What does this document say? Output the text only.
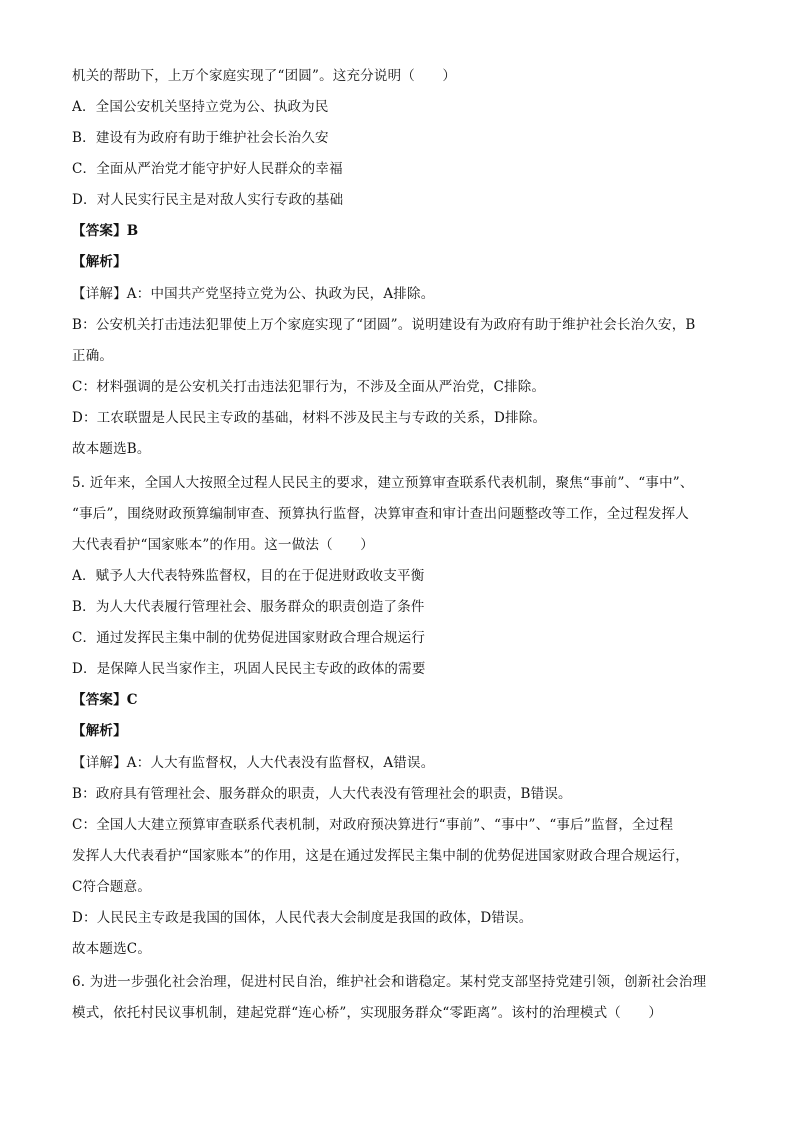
机关的帮助下，上万个家庭实现了“团圆”。这充分说明（　　）
A．全国公安机关坚持立党为公、执政为民
B．建设有为政府有助于维护社会长治久安
C．全面从严治党才能守护好人民群众的幸福
D．对人民实行民主是对敌人实行专政的基础
【答案】B
【解析】
【详解】A：中国共产党坚持立党为公、执政为民，A排除。
B：公安机关打击违法犯罪使上万个家庭实现了“团圆”。说明建设有为政府有助于维护社会长治久安，B
正确。
C：材料强调的是公安机关打击违法犯罪行为，不涉及全面从严治党，C排除。
D：工农联盟是人民民主专政的基础，材料不涉及民主与专政的关系，D排除。
故本题选B。
5. 近年来，全国人大按照全过程人民民主的要求，建立预算审查联系代表机制，聚焦“事前”、“事中”、
“事后”，围绕财政预算编制审查、预算执行监督，决算审查和审计查出问题整改等工作，全过程发挥人
大代表看护“国家账本”的作用。这一做法（　　）
A．赋予人大代表特殊监督权，目的在于促进财政收支平衡
B．为人大代表履行管理社会、服务群众的职责创造了条件
C．通过发挥民主集中制的优势促进国家财政合理合规运行
D．是保障人民当家作主，巩固人民民主专政的政体的需要
【答案】C
【解析】
【详解】A：人大有监督权，人大代表没有监督权，A错误。
B：政府具有管理社会、服务群众的职责，人大代表没有管理社会的职责，B错误。
C：全国人大建立预算审查联系代表机制，对政府预决算进行“事前”、“事中”、“事后”监督，全过程
发挥人大代表看护“国家账本”的作用，这是在通过发挥民主集中制的优势促进国家财政合理合规运行，
C符合题意。
D：人民民主专政是我国的国体，人民代表大会制度是我国的政体，D错误。
故本题选C。
6. 为进一步强化社会治理，促进村民自治，维护社会和谐稳定。某村党支部坚持党建引领，创新社会治理
模式，依托村民议事机制，建起党群“连心桥”，实现服务群众“零距离”。该村的治理模式（　　）
